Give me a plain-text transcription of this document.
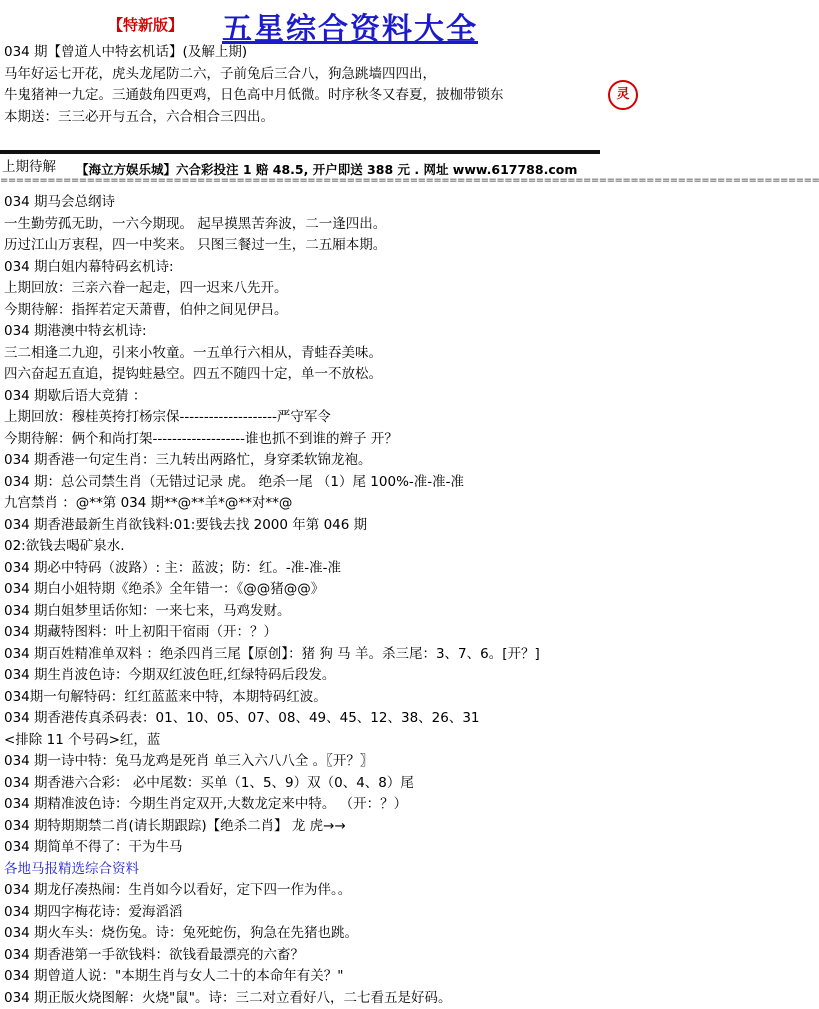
【特新版】 五星综合资料大全
034 期【曾道人中特玄机话】(及解上期)
马年好运七开花，虎头龙尾防二六，子前兔后三合八，狗急跳墙四四出，
牛鬼猪神一九定。三通鼓角四更鸡，日色高中月低微。时序秋冬又春夏，披枷带锁东
本期送：三三必开与五合，六合相合三四出。
灵
上期待解 【海立方娱乐城】六合彩投注 1 赔 48.5, 开户即送 388 元 . 网址 www.617788.com
========================================================================================================
034 期马会总纲诗
一生勤劳孤无助，一六今期现。 起早摸黑苦奔波，二一逢四出。
历过江山万衷程，四一中奖来。 只图三餐过一生，二五厢本期。
034 期白姐内幕特码玄机诗:
上期回放：三亲六眷一起走，四一迟来八先开。
今期待解：指挥若定天萧曹，伯仲之间见伊吕。
034 期港澳中特玄机诗:
三二相逢二九迎，引来小牧童。一五单行六相从，青蛙吞美味。
四六奋起五直追，提钩蛀悬空。四五不随四十定，单一不放松。
034 期歇后语大竞猜 ：
上期回放：穆桂英挎打杨宗保--------------------严守军令
今期待解：俩个和尚打架-------------------谁也抓不到谁的辫子 开？
034 期香港一句定生肖：三九转出两路忙，身穿柔软锦龙袍。
034 期：总公司禁生肖（无错过记录 虎。 绝杀一尾 （1）尾 100%-准-准-准
九宫禁肖 ：@**第 034 期**@**羊*@**对**@
034 期香港最新生肖欲钱料:01:要钱去找 2000 年第 046 期
02:欲钱去喝矿泉水.
034 期必中特码（波路）: 主：蓝波；防：红。-准-准-准
034 期白小姐特期《绝杀》全年错一：《@@猪@@》
034 期白姐梦里话你知：一来七来，马鸡发财。
034 期藏特图料：叶上初阳干宿雨（开：？）
034 期百姓精准单双料 ：绝杀四肖三尾【原创】：猪 狗 马 羊。杀三尾：3、7、6。[开？]
034 期生肖波色诗：今期双红波色旺,红绿特码后段发。
034期一句解特码：红红蓝蓝来中特，本期特码红波。
034 期香港传真杀码表：01、10、05、07、08、49、45、12、38、26、31
<排除 11 个号码>红，蓝
034 期一诗中特：兔马龙鸡是死肖 单三入六八八全 。〖开？〗
034 期香港六合彩： 必中尾数：买单（1、5、9）双（0、4、8）尾
034 期精准波色诗：今期生肖定双开,大数龙定来中特。 （开：？）
034 期特期期禁二肖(请长期跟踪)【绝杀二肖】 龙 虎→→
034 期简单不得了：干为牛马
各地马报精选综合资料
034 期龙仔凑热闹：生肖如今以看好，定下四一作为伴。。
034 期四字梅花诗：爱海滔滔
034 期火车头：烧伤兔。诗：兔死蛇伤，狗急在先猪也跳。
034 期香港第一手欲钱料：欲钱看最漂亮的六畜？
034 期曾道人说："本期生肖与女人二十的本命年有关？"
034 期正版火烧图解：火烧"鼠"。诗：三二对立看好八，二七看五是好码。
